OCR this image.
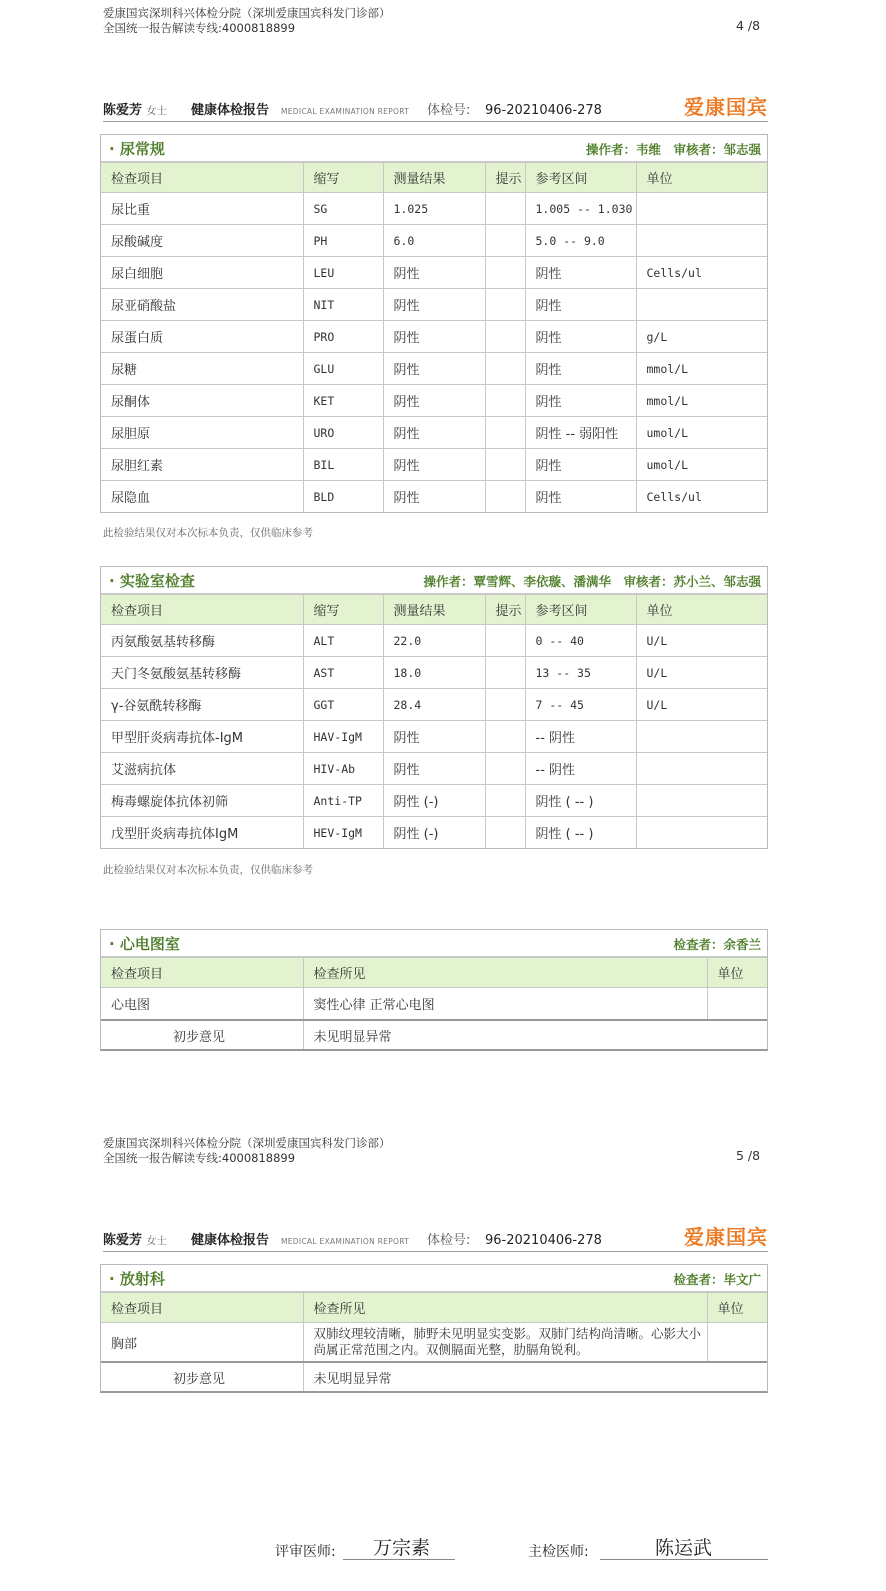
爱康国宾深圳科兴体检分院（深圳爱康国宾科发门诊部）
全国统一报告解读专线:4000818899	4 /8
陈爱芳 女士 健康体检报告 MEDICAL EXAMINATION REPORT 体检号: 96-20210406-278	爱康国宾
· 尿常规	操作者：韦维　审核者：邹志强
检查项目	缩写	测量结果	提示	参考区间	单位
尿比重	SG	1.025		1.005 -- 1.030	
尿酸碱度	PH	6.0		5.0 -- 9.0	
尿白细胞	LEU	阴性		阴性	Cells/ul
尿亚硝酸盐	NIT	阴性		阴性	
尿蛋白质	PRO	阴性		阴性	g/L
尿糖	GLU	阴性		阴性	mmol/L
尿酮体	KET	阴性		阴性	mmol/L
尿胆原	URO	阴性		阴性 -- 弱阳性	umol/L
尿胆红素	BIL	阴性		阴性	umol/L
尿隐血	BLD	阴性		阴性	Cells/ul
此检验结果仅对本次标本负责，仅供临床参考
· 实验室检查	操作者：覃雪辉、李依璇、潘满华　审核者：苏小兰、邹志强
检查项目	缩写	测量结果	提示	参考区间	单位
丙氨酸氨基转移酶	ALT	22.0		0 -- 40	U/L
天门冬氨酸氨基转移酶	AST	18.0		13 -- 35	U/L
γ-谷氨酰转移酶	GGT	28.4		7 -- 45	U/L
甲型肝炎病毒抗体-IgM	HAV-IgM	阴性		-- 阴性	
艾滋病抗体	HIV-Ab	阴性		-- 阴性	
梅毒螺旋体抗体初筛	Anti-TP	阴性 (-)		阴性 ( -- )	
戊型肝炎病毒抗体IgM	HEV-IgM	阴性 (-)		阴性 ( -- )	
此检验结果仅对本次标本负责，仅供临床参考
· 心电图室	检查者：余香兰
检查项目	检查所见	单位
心电图	窦性心律 正常心电图	
初步意见	未见明显异常
爱康国宾深圳科兴体检分院（深圳爱康国宾科发门诊部）
全国统一报告解读专线:4000818899	5 /8
陈爱芳 女士 健康体检报告 MEDICAL EXAMINATION REPORT 体检号: 96-20210406-278	爱康国宾
· 放射科	检查者：毕文广
检查项目	检查所见	单位
胸部	双肺纹理较清晰，肺野未见明显实变影。双肺门结构尚清晰。心影大小尚属正常范围之内。双侧膈面光整，肋膈角锐利。	
初步意见	未见明显异常
评审医师: 万宗素	主检医师:	陈运武
